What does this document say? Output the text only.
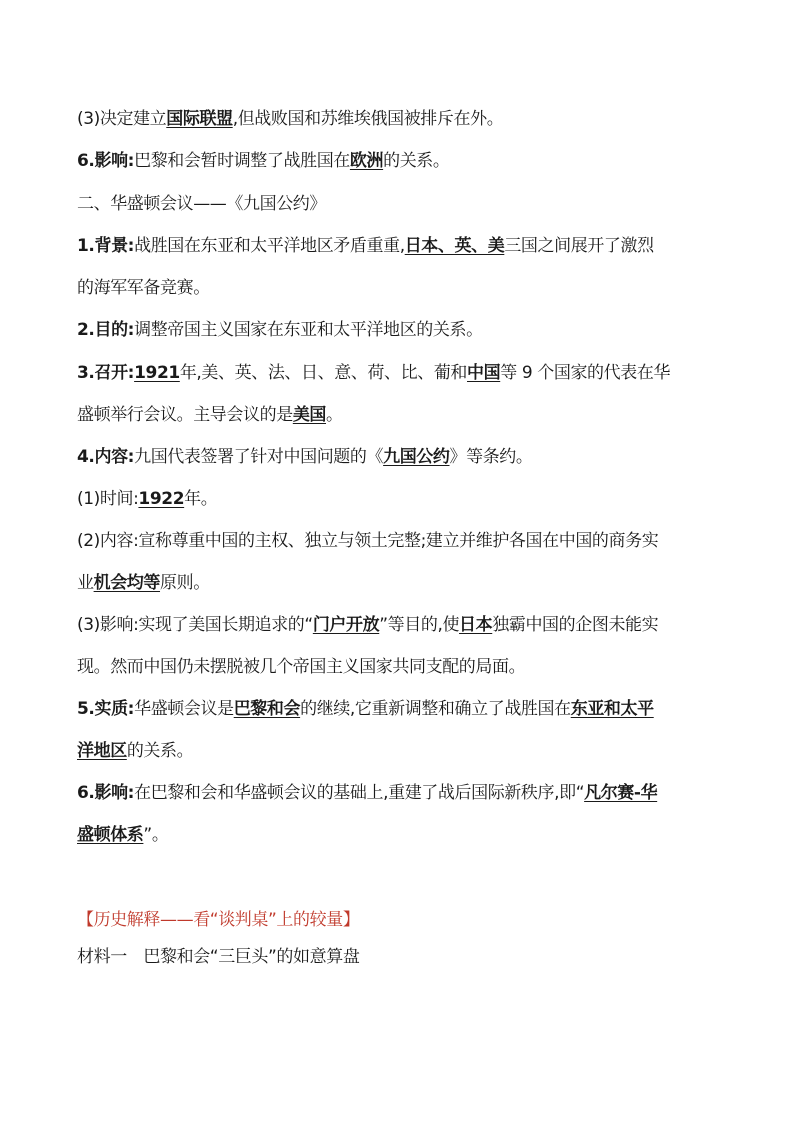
(3)决定建立国际联盟,但战败国和苏维埃俄国被排斥在外。
6.影响:巴黎和会暂时调整了战胜国在欧洲的关系。
二、华盛顿会议——《九国公约》
1.背景:战胜国在东亚和太平洋地区矛盾重重,日本、英、美三国之间展开了激烈
的海军军备竞赛。
2.目的:调整帝国主义国家在东亚和太平洋地区的关系。
3.召开:1921年,美、英、法、日、意、荷、比、葡和中国等 9 个国家的代表在华
盛顿举行会议。主导会议的是美国。
4.内容:九国代表签署了针对中国问题的《九国公约》等条约。
(1)时间:1922年。
(2)内容:宣称尊重中国的主权、独立与领土完整;建立并维护各国在中国的商务实
业机会均等原则。
(3)影响:实现了美国长期追求的“门户开放”等目的,使日本独霸中国的企图未能实
现。然而中国仍未摆脱被几个帝国主义国家共同支配的局面。
5.实质:华盛顿会议是巴黎和会的继续,它重新调整和确立了战胜国在东亚和太平
洋地区的关系。
6.影响:在巴黎和会和华盛顿会议的基础上,重建了战后国际新秩序,即“凡尔赛-华
盛顿体系”。
【历史解释——看“谈判桌”上的较量】
材料一　巴黎和会“三巨头”的如意算盘
